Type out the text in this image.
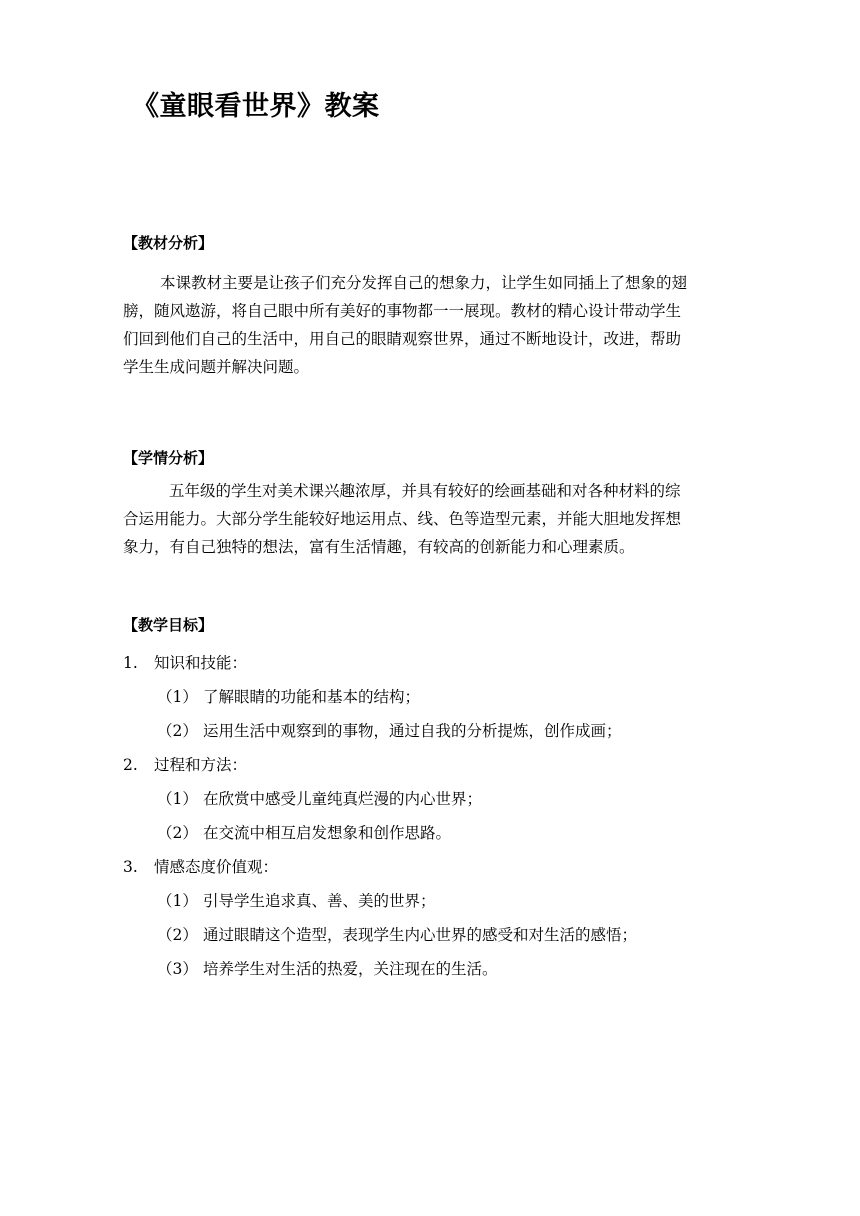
《童眼看世界》教案
【教材分析】
本课教材主要是让孩子们充分发挥自己的想象力，让学生如同插上了想象的翅
膀，随风遨游，将自己眼中所有美好的事物都一一展现。教材的精心设计带动学生
们回到他们自己的生活中，用自己的眼睛观察世界，通过不断地设计，改进，帮助
学生生成问题并解决问题。
【学情分析】
五年级的学生对美术课兴趣浓厚，并具有较好的绘画基础和对各种材料的综
合运用能力。大部分学生能较好地运用点、线、色等造型元素，并能大胆地发挥想
象力，有自己独特的想法，富有生活情趣，有较高的创新能力和心理素质。
【教学目标】
1. 知识和技能：
（1） 了解眼睛的功能和基本的结构；
（2） 运用生活中观察到的事物，通过自我的分析提炼，创作成画；
2. 过程和方法：
（1） 在欣赏中感受儿童纯真烂漫的内心世界；
（2） 在交流中相互启发想象和创作思路。
3. 情感态度价值观：
（1） 引导学生追求真、善、美的世界；
（2） 通过眼睛这个造型，表现学生内心世界的感受和对生活的感悟；
（3） 培养学生对生活的热爱，关注现在的生活。
